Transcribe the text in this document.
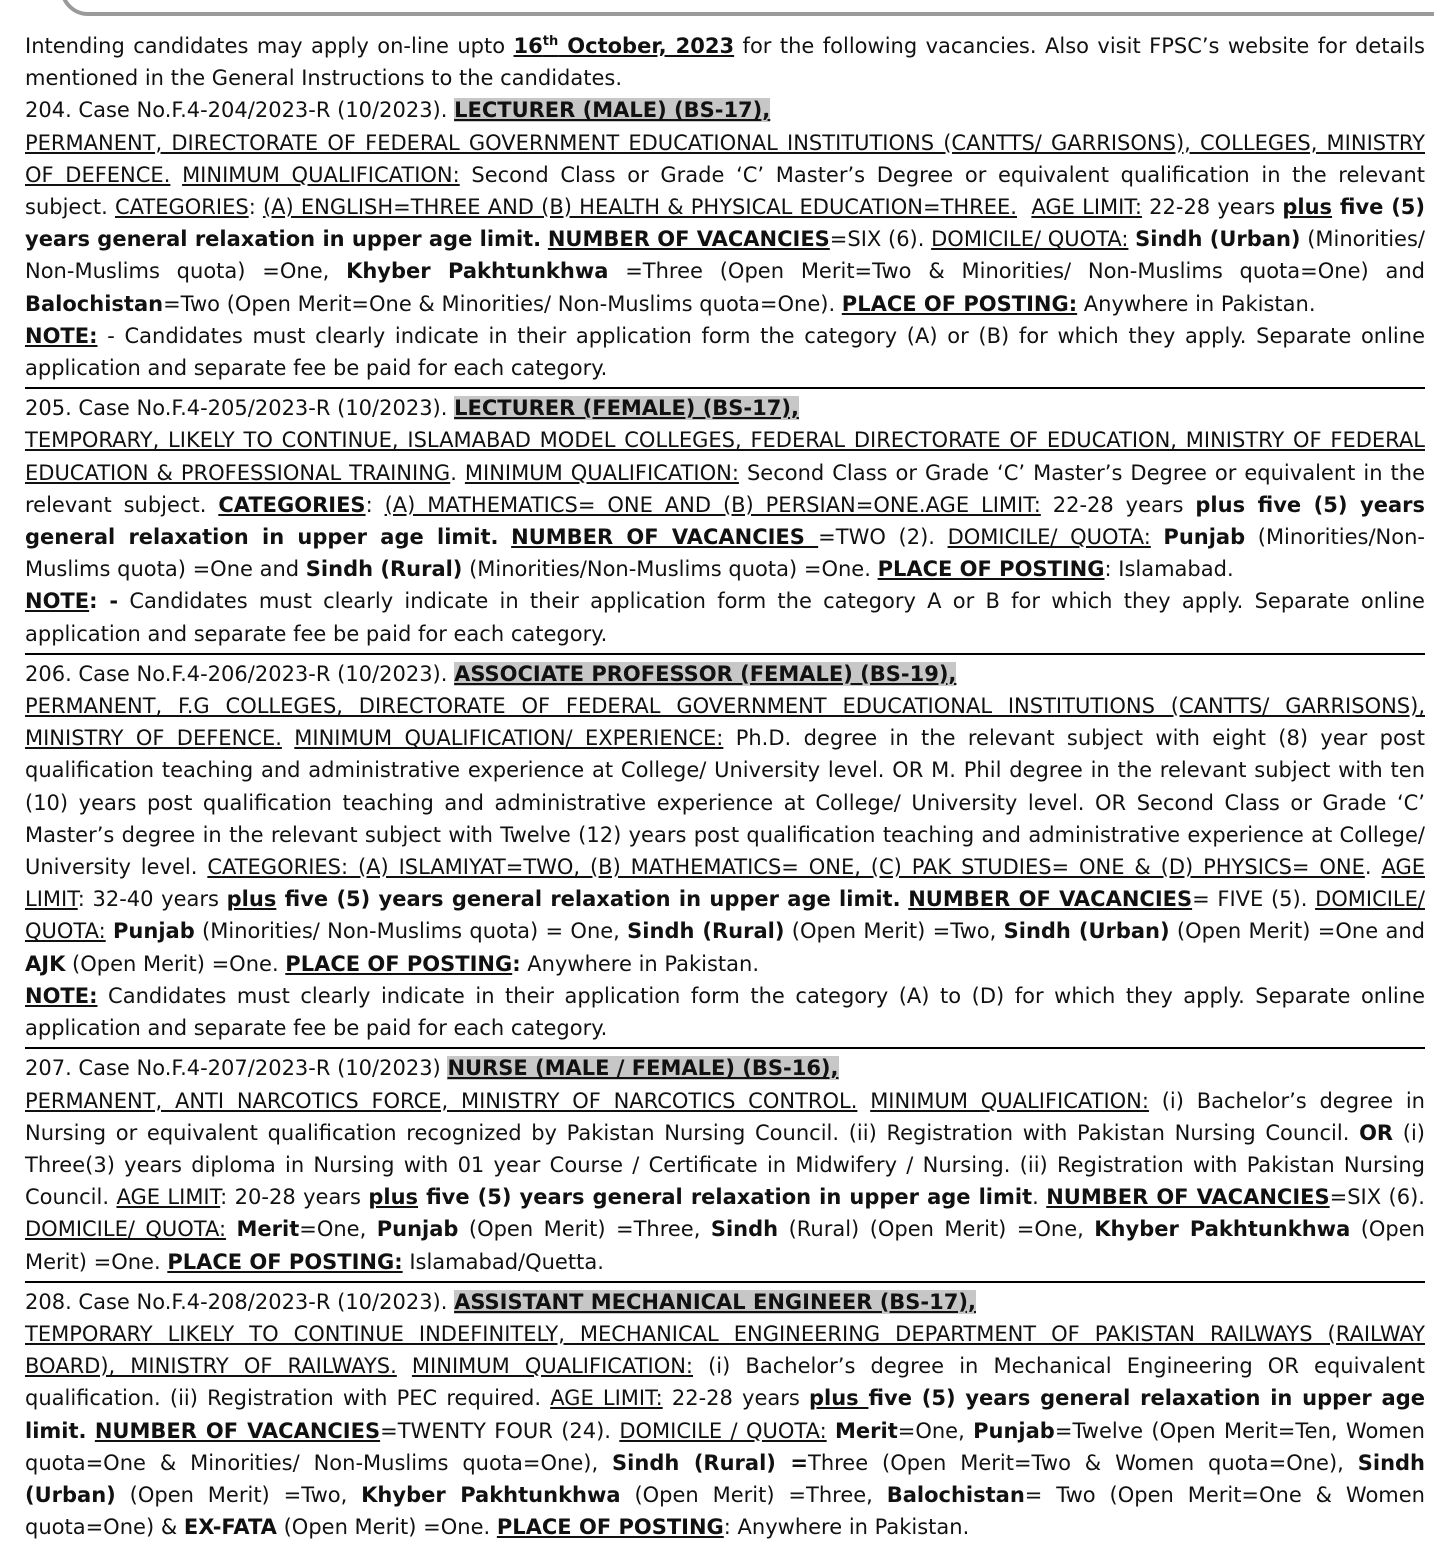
Intending candidates may apply on-line upto 16th October, 2023 for the following vacancies. Also visit FPSC’s website for details mentioned in the General Instructions to the candidates.

204. Case No.F.4-204/2023-R (10/2023). LECTURER (MALE) (BS-17),
PERMANENT, DIRECTORATE OF FEDERAL GOVERNMENT EDUCATIONAL INSTITUTIONS (CANTTS/ GARRISONS), COLLEGES, MINISTRY OF DEFENCE. MINIMUM QUALIFICATION: Second Class or Grade ‘C’ Master’s Degree or equivalent qualification in the relevant subject. CATEGORIES: (A) ENGLISH=THREE AND (B) HEALTH & PHYSICAL EDUCATION=THREE. AGE LIMIT: 22-28 years plus five (5) years general relaxation in upper age limit. NUMBER OF VACANCIES=SIX (6). DOMICILE/ QUOTA: Sindh (Urban) (Minorities/ Non-Muslims quota) =One, Khyber Pakhtunkhwa =Three (Open Merit=Two & Minorities/ Non-Muslims quota=One) and Balochistan=Two (Open Merit=One & Minorities/ Non-Muslims quota=One). PLACE OF POSTING: Anywhere in Pakistan.
NOTE: - Candidates must clearly indicate in their application form the category (A) or (B) for which they apply. Separate online application and separate fee be paid for each category.

205. Case No.F.4-205/2023-R (10/2023). LECTURER (FEMALE) (BS-17),
TEMPORARY, LIKELY TO CONTINUE, ISLAMABAD MODEL COLLEGES, FEDERAL DIRECTORATE OF EDUCATION, MINISTRY OF FEDERAL EDUCATION & PROFESSIONAL TRAINING. MINIMUM QUALIFICATION: Second Class or Grade ‘C’ Master’s Degree or equivalent in the relevant subject. CATEGORIES: (A) MATHEMATICS= ONE AND (B) PERSIAN=ONE.AGE LIMIT: 22-28 years plus five (5) years general relaxation in upper age limit. NUMBER OF VACANCIES =TWO (2). DOMICILE/ QUOTA: Punjab (Minorities/Non-Muslims quota) =One and Sindh (Rural) (Minorities/Non-Muslims quota) =One. PLACE OF POSTING: Islamabad.
NOTE: - Candidates must clearly indicate in their application form the category A or B for which they apply. Separate online application and separate fee be paid for each category.

206. Case No.F.4-206/2023-R (10/2023). ASSOCIATE PROFESSOR (FEMALE) (BS-19),
PERMANENT, F.G COLLEGES, DIRECTORATE OF FEDERAL GOVERNMENT EDUCATIONAL INSTITUTIONS (CANTTS/ GARRISONS), MINISTRY OF DEFENCE. MINIMUM QUALIFICATION/ EXPERIENCE: Ph.D. degree in the relevant subject with eight (8) year post qualification teaching and administrative experience at College/ University level. OR M. Phil degree in the relevant subject with ten (10) years post qualification teaching and administrative experience at College/ University level. OR Second Class or Grade ‘C’ Master’s degree in the relevant subject with Twelve (12) years post qualification teaching and administrative experience at College/ University level. CATEGORIES: (A) ISLAMIYAT=TWO, (B) MATHEMATICS= ONE, (C) PAK STUDIES= ONE & (D) PHYSICS= ONE. AGE LIMIT: 32-40 years plus five (5) years general relaxation in upper age limit. NUMBER OF VACANCIES= FIVE (5). DOMICILE/ QUOTA: Punjab (Minorities/ Non-Muslims quota) = One, Sindh (Rural) (Open Merit) =Two, Sindh (Urban) (Open Merit) =One and AJK (Open Merit) =One. PLACE OF POSTING: Anywhere in Pakistan.
NOTE: Candidates must clearly indicate in their application form the category (A) to (D) for which they apply. Separate online application and separate fee be paid for each category.

207. Case No.F.4-207/2023-R (10/2023) NURSE (MALE / FEMALE) (BS-16),
PERMANENT, ANTI NARCOTICS FORCE, MINISTRY OF NARCOTICS CONTROL. MINIMUM QUALIFICATION: (i) Bachelor’s degree in Nursing or equivalent qualification recognized by Pakistan Nursing Council. (ii) Registration with Pakistan Nursing Council. OR (i) Three(3) years diploma in Nursing with 01 year Course / Certificate in Midwifery / Nursing. (ii) Registration with Pakistan Nursing Council. AGE LIMIT: 20-28 years plus five (5) years general relaxation in upper age limit. NUMBER OF VACANCIES=SIX (6). DOMICILE/ QUOTA: Merit=One, Punjab (Open Merit) =Three, Sindh (Rural) (Open Merit) =One, Khyber Pakhtunkhwa (Open Merit) =One. PLACE OF POSTING: Islamabad/Quetta.

208. Case No.F.4-208/2023-R (10/2023). ASSISTANT MECHANICAL ENGINEER (BS-17),
TEMPORARY LIKELY TO CONTINUE INDEFINITELY, MECHANICAL ENGINEERING DEPARTMENT OF PAKISTAN RAILWAYS (RAILWAY BOARD), MINISTRY OF RAILWAYS. MINIMUM QUALIFICATION: (i) Bachelor’s degree in Mechanical Engineering OR equivalent qualification. (ii) Registration with PEC required. AGE LIMIT: 22-28 years plus five (5) years general relaxation in upper age limit. NUMBER OF VACANCIES=TWENTY FOUR (24). DOMICILE / QUOTA: Merit=One, Punjab=Twelve (Open Merit=Ten, Women quota=One & Minorities/ Non-Muslims quota=One), Sindh (Rural) =Three (Open Merit=Two & Women quota=One), Sindh (Urban) (Open Merit) =Two, Khyber Pakhtunkhwa (Open Merit) =Three, Balochistan= Two (Open Merit=One & Women quota=One) & EX-FATA (Open Merit) =One. PLACE OF POSTING: Anywhere in Pakistan.
